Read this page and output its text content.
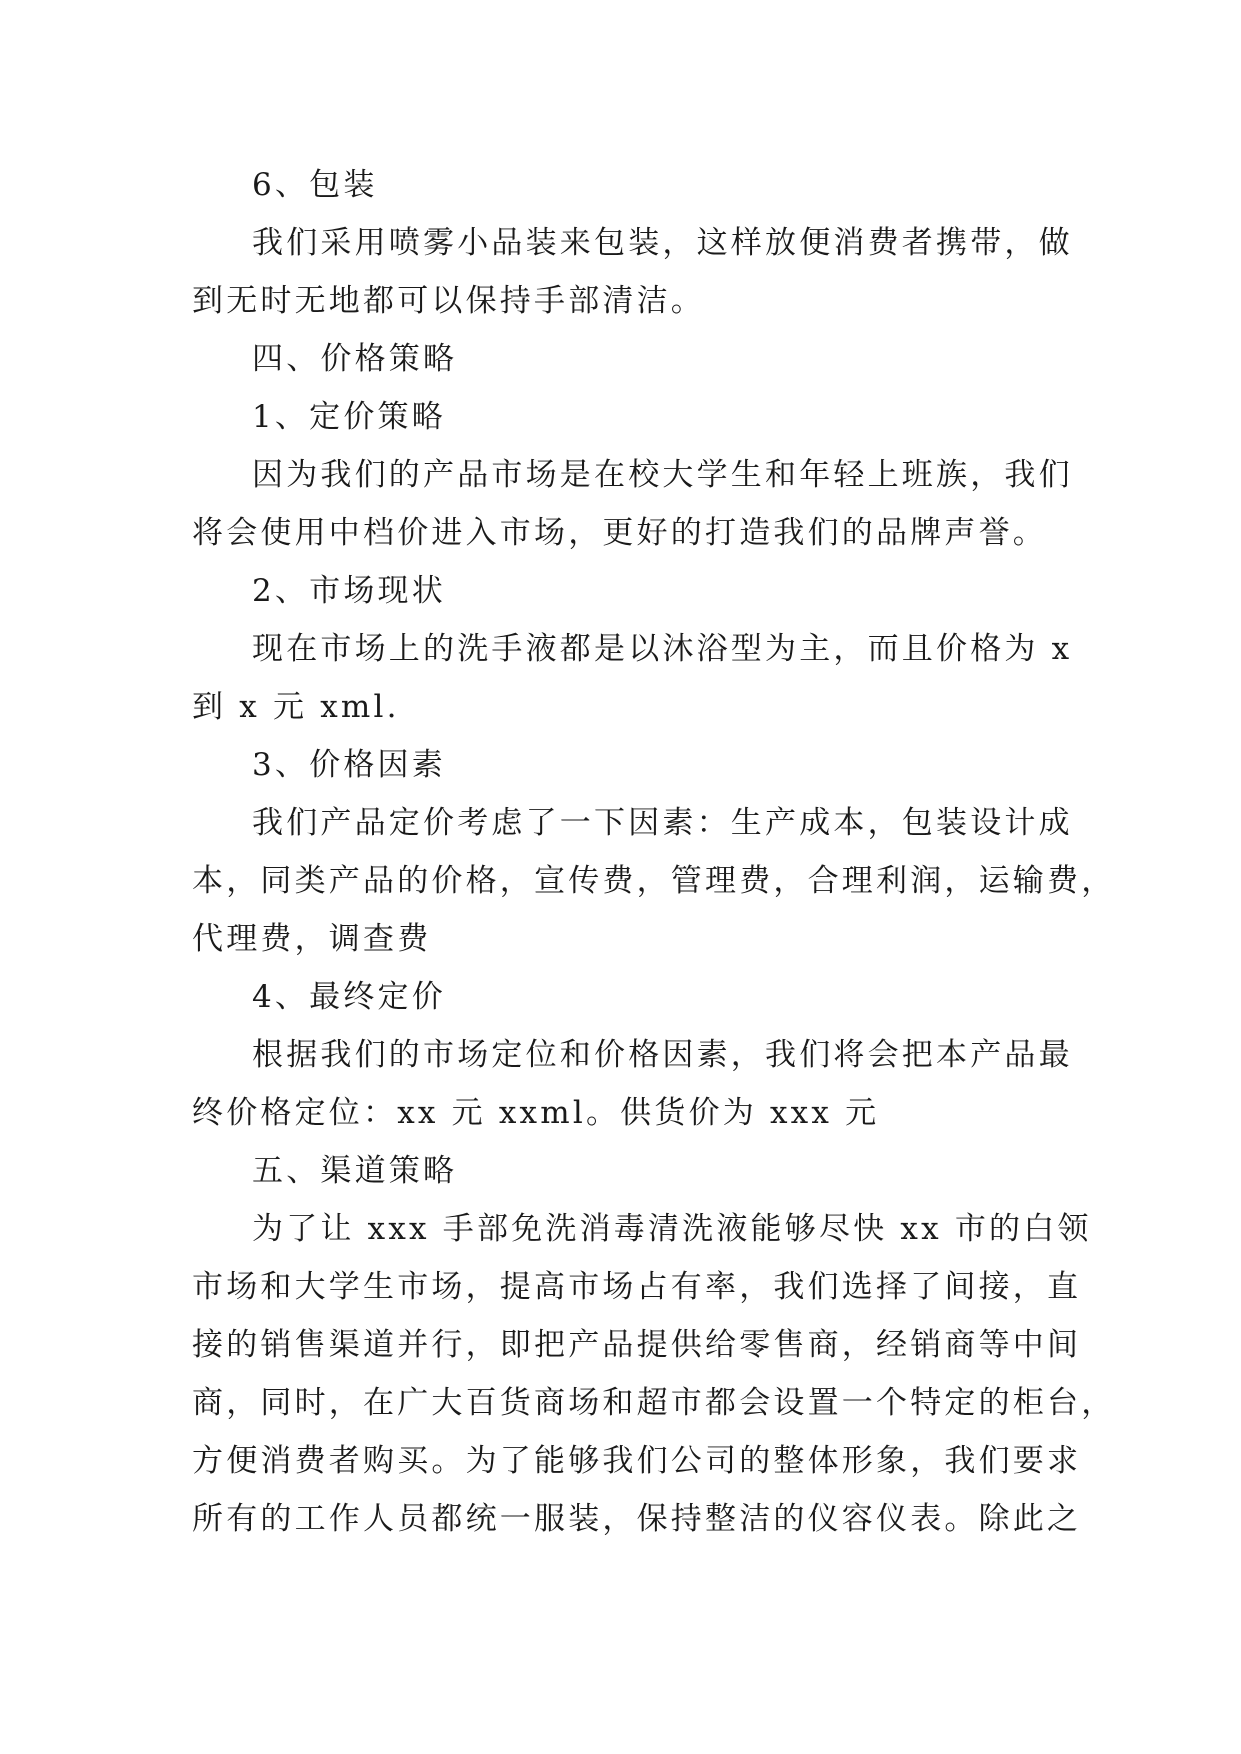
6、包装
我们采用喷雾小品装来包装，这样放便消费者携带，做
到无时无地都可以保持手部清洁。
四、价格策略
1、定价策略
因为我们的产品市场是在校大学生和年轻上班族，我们
将会使用中档价进入市场，更好的打造我们的品牌声誉。
2、市场现状
现在市场上的洗手液都是以沐浴型为主，而且价格为 x
到 x 元 xml.
3、价格因素
我们产品定价考虑了一下因素：生产成本，包装设计成
本，同类产品的价格，宣传费，管理费，合理利润，运输费，
代理费，调查费
4、最终定价
根据我们的市场定位和价格因素，我们将会把本产品最
终价格定位：xx 元 xxml。供货价为 xxx 元
五、渠道策略
为了让 xxx 手部免洗消毒清洗液能够尽快 xx 市的白领
市场和大学生市场，提高市场占有率，我们选择了间接，直
接的销售渠道并行，即把产品提供给零售商，经销商等中间
商，同时，在广大百货商场和超市都会设置一个特定的柜台，
方便消费者购买。为了能够我们公司的整体形象，我们要求
所有的工作人员都统一服装，保持整洁的仪容仪表。除此之
